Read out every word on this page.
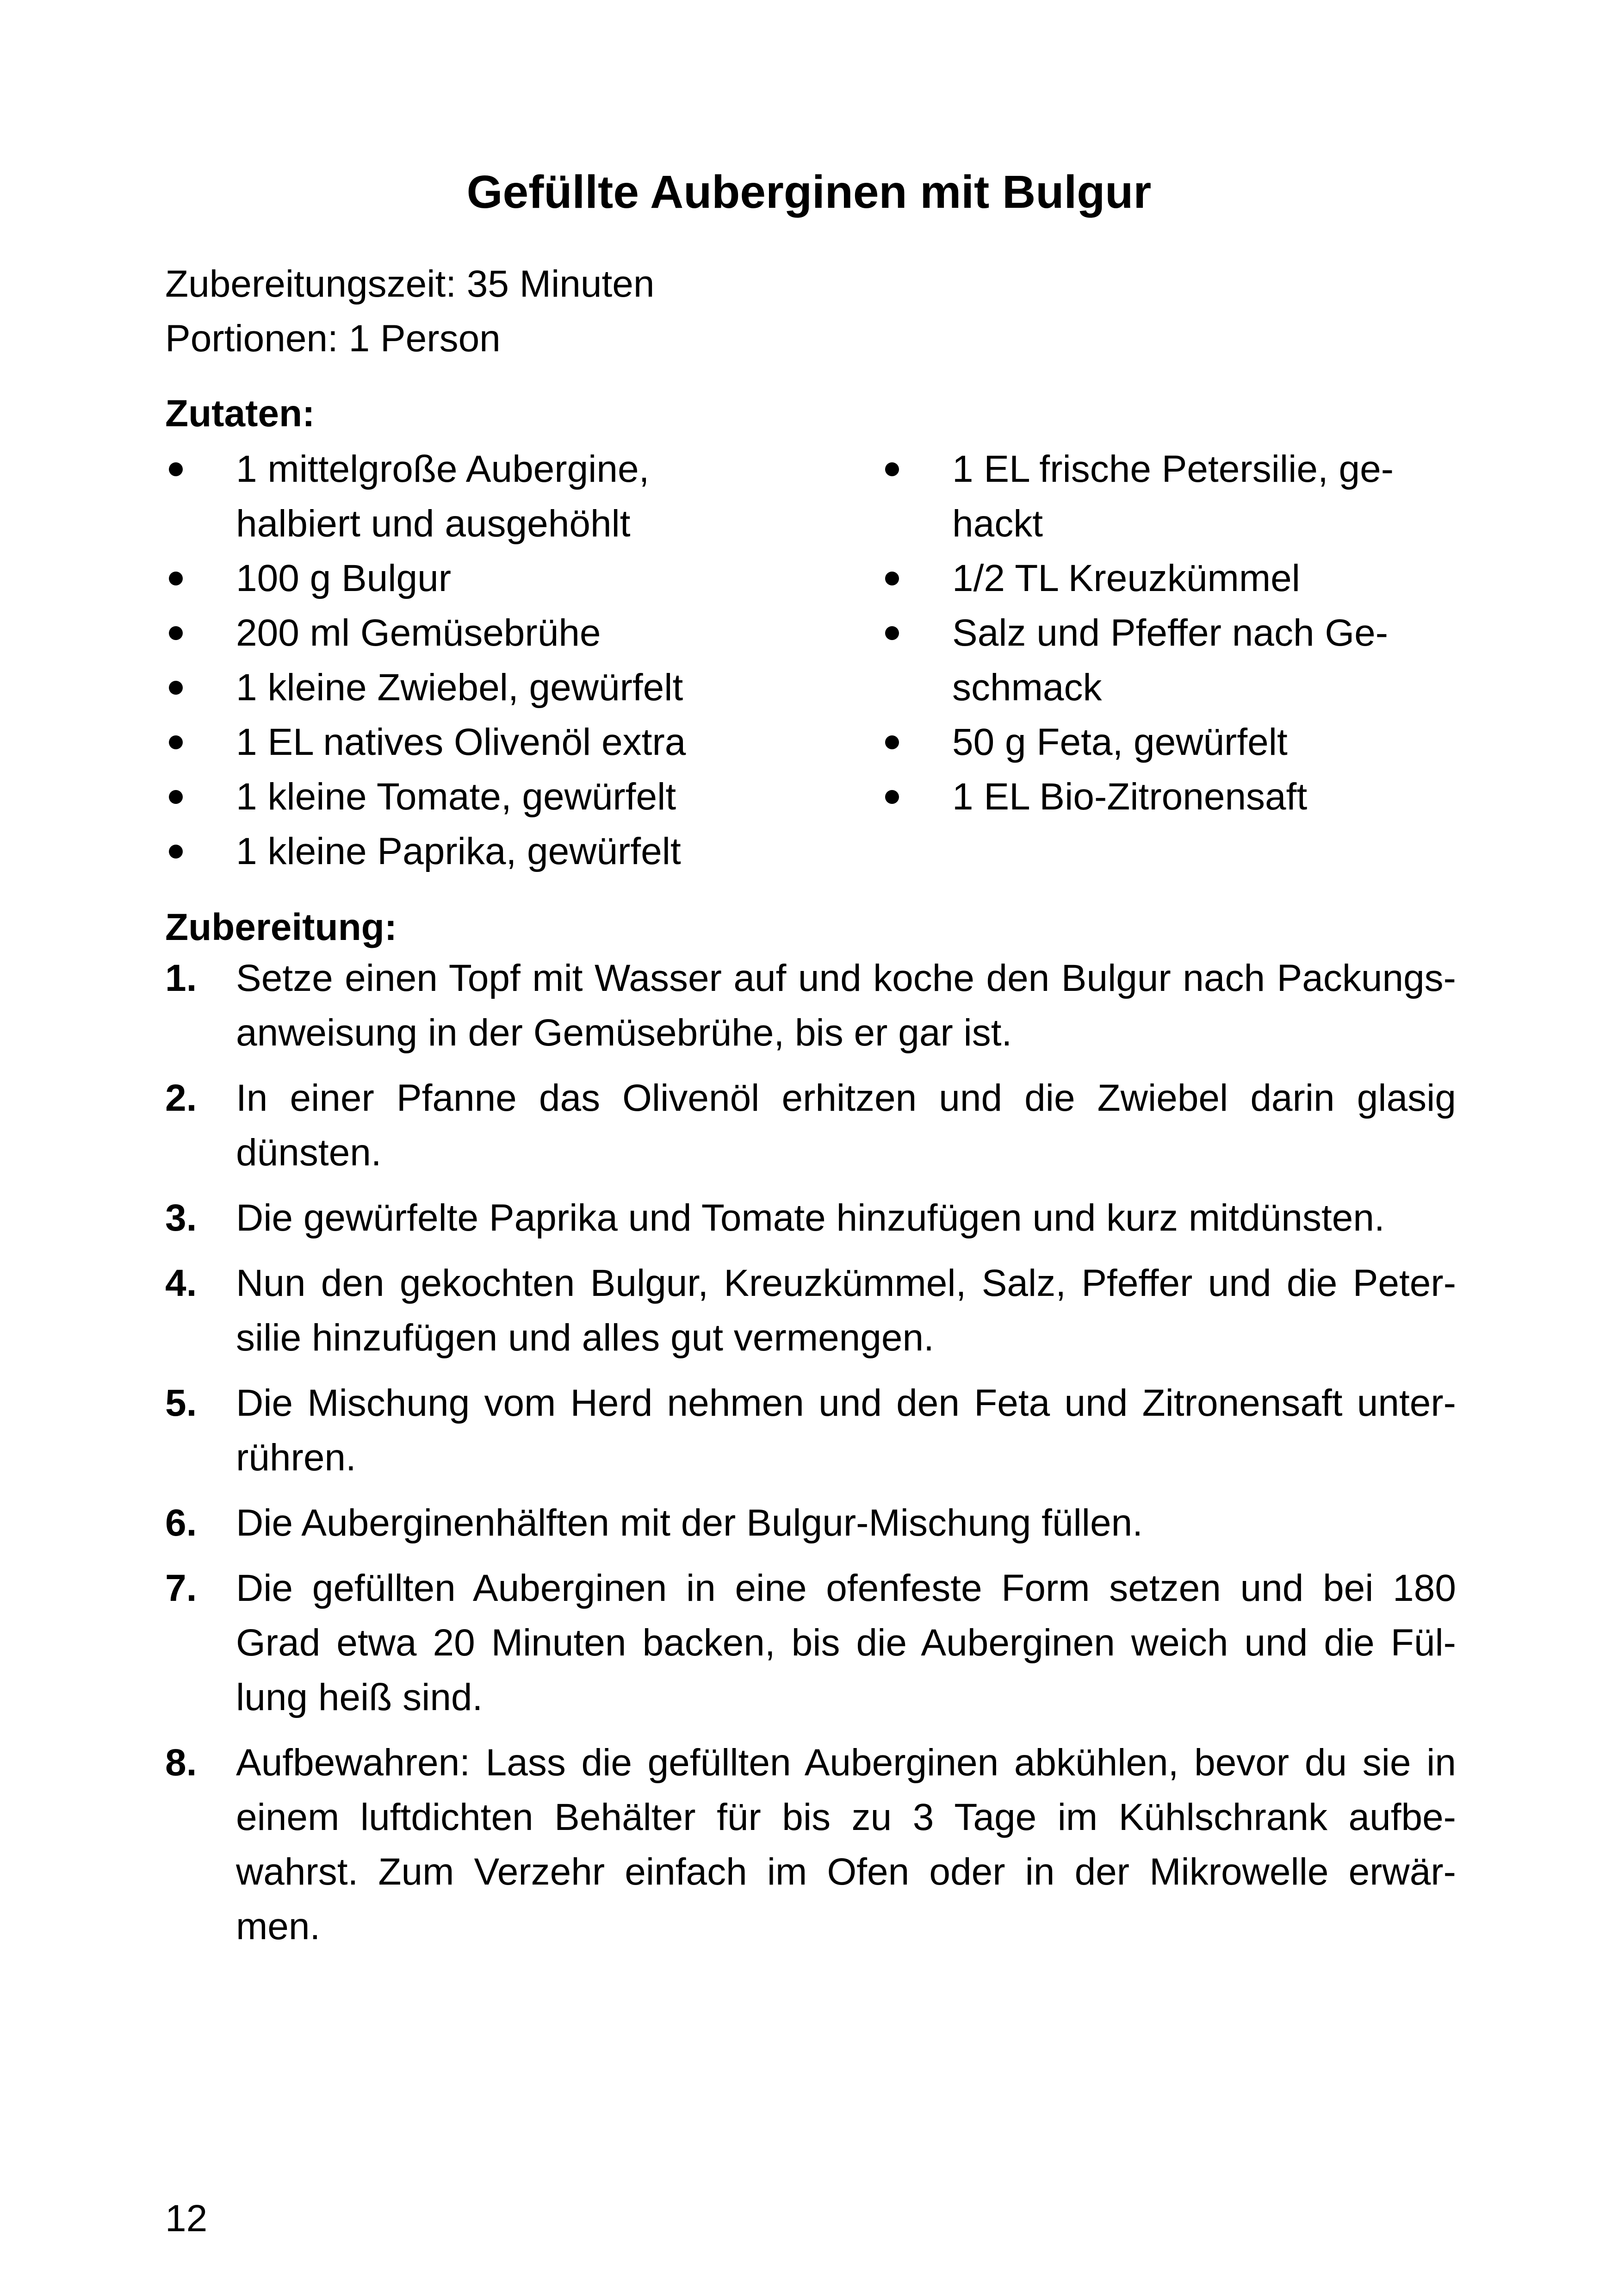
Gefüllte Auberginen mit Bulgur
Zubereitungszeit: 35 Minuten
Portionen: 1 Person
Zutaten:
1 mittelgroße Aubergine,
halbiert und ausgehöhlt
100 g Bulgur
200 ml Gemüsebrühe
1 kleine Zwiebel, gewürfelt
1 EL natives Olivenöl extra
1 kleine Tomate, gewürfelt
1 kleine Paprika, gewürfelt
1 EL frische Petersilie, ge-
hackt
1/2 TL Kreuzkümmel
Salz und Pfeffer nach Ge-
schmack
50 g Feta, gewürfelt
1 EL Bio-Zitronensaft
Zubereitung:
1. Setze einen Topf mit Wasser auf und koche den Bulgur nach Packungs-
anweisung in der Gemüsebrühe, bis er gar ist.
2. In einer Pfanne das Olivenöl erhitzen und die Zwiebel darin glasig
dünsten.
3. Die gewürfelte Paprika und Tomate hinzufügen und kurz mitdünsten.
4. Nun den gekochten Bulgur, Kreuzkümmel, Salz, Pfeffer und die Peter-
silie hinzufügen und alles gut vermengen.
5. Die Mischung vom Herd nehmen und den Feta und Zitronensaft unter-
rühren.
6. Die Auberginenhälften mit der Bulgur-Mischung füllen.
7. Die gefüllten Auberginen in eine ofenfeste Form setzen und bei 180
Grad etwa 20 Minuten backen, bis die Auberginen weich und die Fül-
lung heiß sind.
8. Aufbewahren: Lass die gefüllten Auberginen abkühlen, bevor du sie in
einem luftdichten Behälter für bis zu 3 Tage im Kühlschrank aufbe-
wahrst. Zum Verzehr einfach im Ofen oder in der Mikrowelle erwär-
men.
12
